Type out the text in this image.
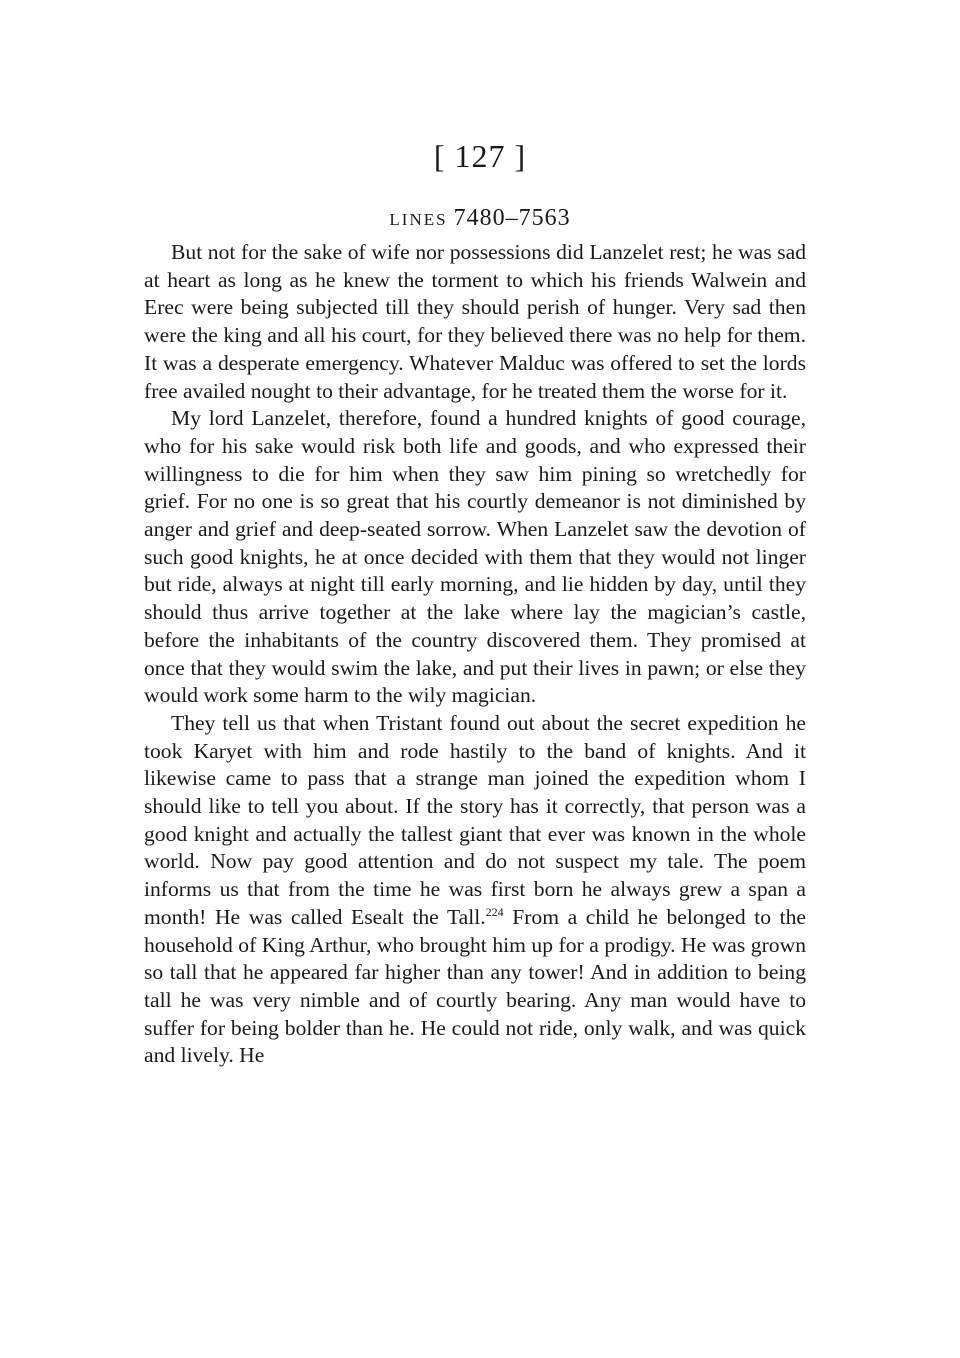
[ 127 ]
LINES 7480–7563

But not for the sake of wife nor possessions did Lanzelet rest; he was sad at heart as long as he knew the torment to which his friends Walwein and Erec were being subjected till they should perish of hunger. Very sad then were the king and all his court, for they believed there was no help for them. It was a desperate emergency. Whatever Malduc was offered to set the lords free availed nought to their advantage, for he treated them the worse for it.

My lord Lanzelet, therefore, found a hundred knights of good courage, who for his sake would risk both life and goods, and who expressed their willingness to die for him when they saw him pining so wretchedly for grief. For no one is so great that his courtly demeanor is not diminished by anger and grief and deep-seated sorrow. When Lanzelet saw the devotion of such good knights, he at once decided with them that they would not linger but ride, always at night till early morning, and lie hidden by day, until they should thus arrive together at the lake where lay the magician’s castle, before the inhabitants of the country discovered them. They promised at once that they would swim the lake, and put their lives in pawn; or else they would work some harm to the wily magician.

They tell us that when Tristant found out about the secret expedition he took Karyet with him and rode hastily to the band of knights. And it likewise came to pass that a strange man joined the expedition whom I should like to tell you about. If the story has it correctly, that person was a good knight and actually the tallest giant that ever was known in the whole world. Now pay good attention and do not suspect my tale. The poem informs us that from the time he was first born he always grew a span a month! He was called Esealt the Tall.$^{224}$ From a child he belonged to the household of King Arthur, who brought him up for a prodigy. He was grown so tall that he appeared far higher than any tower! And in addition to being tall he was very nimble and of courtly bearing. Any man would have to suffer for being bolder than he. He could not ride, only walk, and was quick and lively. He
